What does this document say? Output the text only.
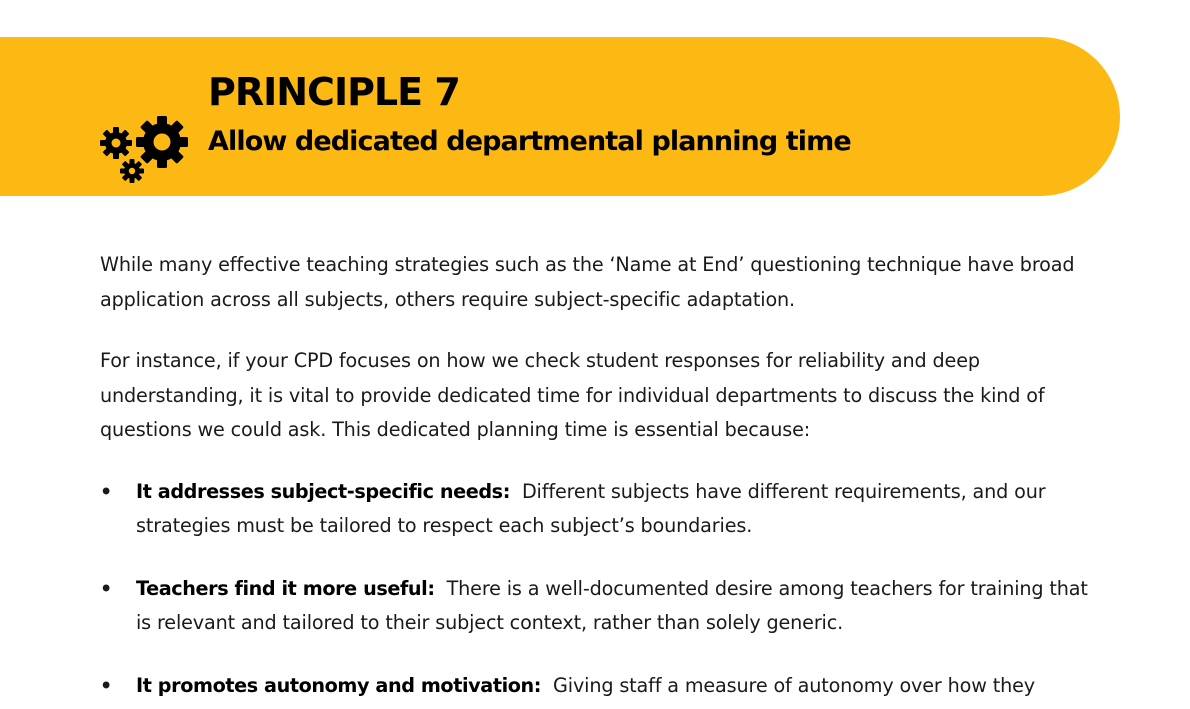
PRINCIPLE 7
Allow dedicated departmental planning time

While many effective teaching strategies such as the ‘Name at End’ questioning technique have broad application across all subjects, others require subject-specific adaptation.

For instance, if your CPD focuses on how we check student responses for reliability and deep understanding, it is vital to provide dedicated time for individual departments to discuss the kind of questions we could ask. This dedicated planning time is essential because:

• It addresses subject-specific needs: Different subjects have different requirements, and our strategies must be tailored to respect each subject’s boundaries.
• Teachers find it more useful: There is a well-documented desire among teachers for training that is relevant and tailored to their subject context, rather than solely generic.
• It promotes autonomy and motivation: Giving staff a measure of autonomy over how they
